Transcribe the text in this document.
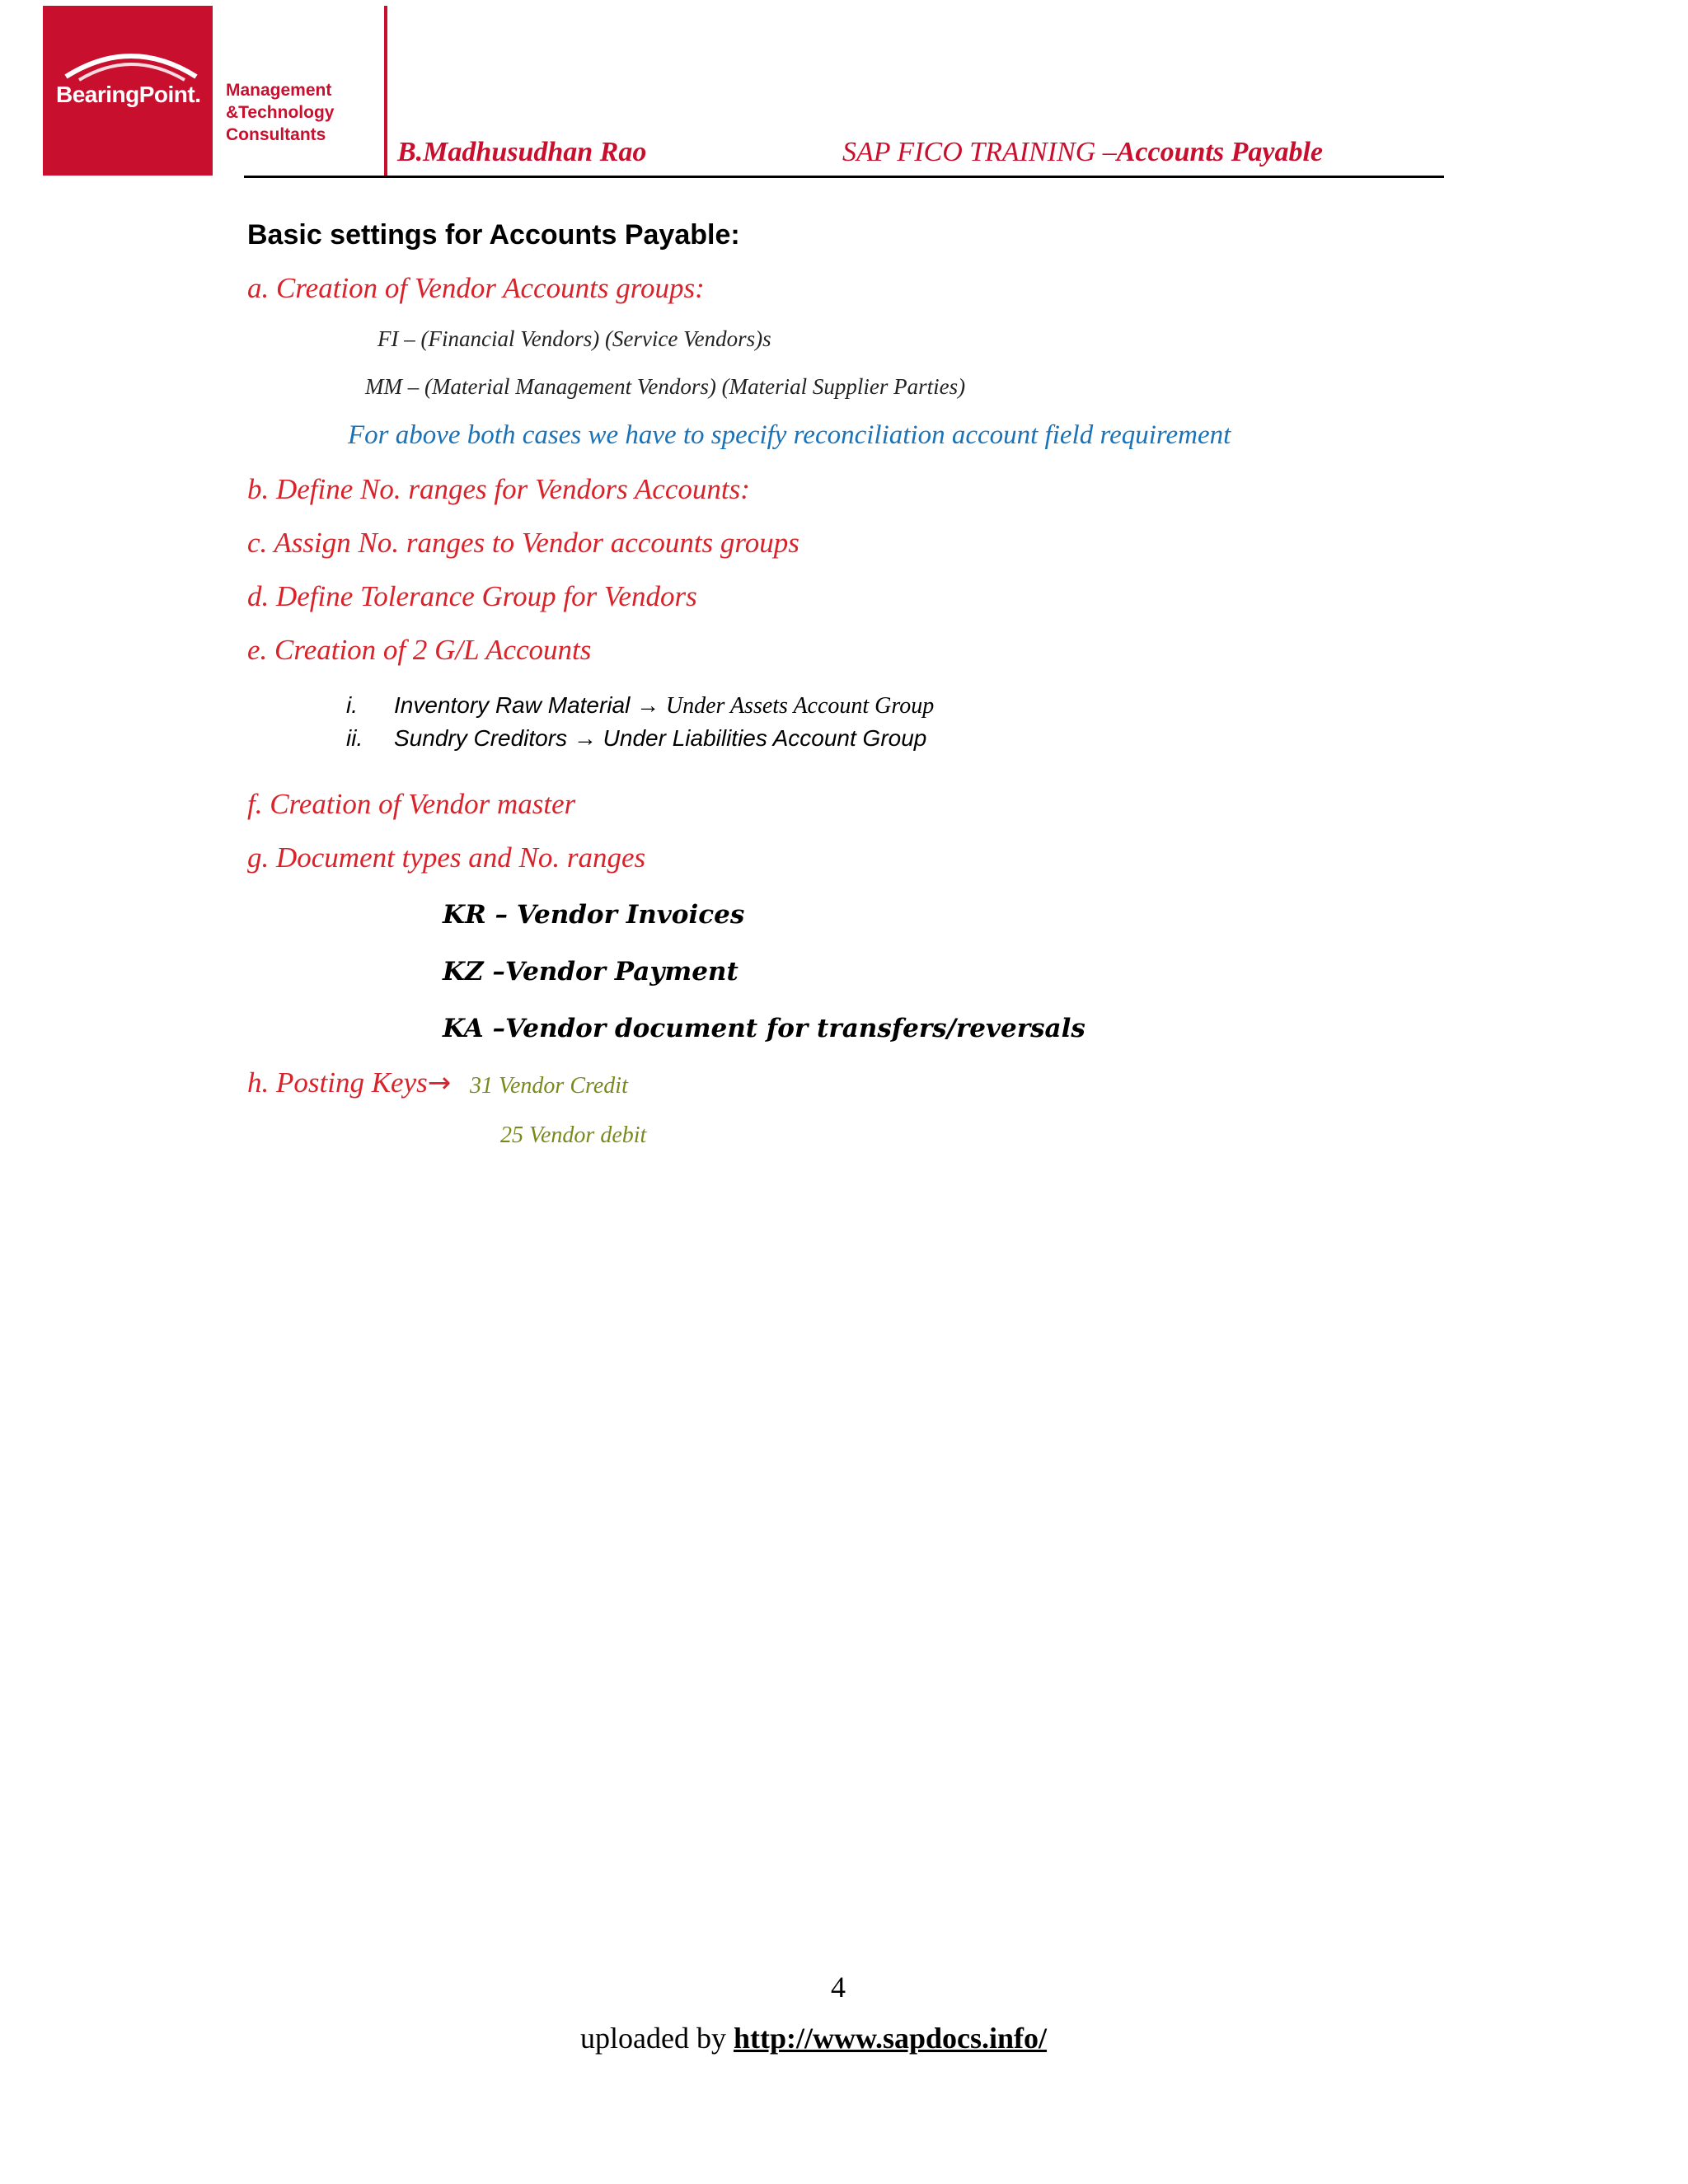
BearingPoint. Management
&Technology
Consultants
B.Madhusudhan Rao	SAP FICO TRAINING –Accounts Payable
Basic settings for Accounts Payable:
a. Creation of Vendor Accounts groups:
FI – (Financial Vendors) (Service Vendors)s
MM – (Material Management Vendors) (Material Supplier Parties)
For above both cases we have to specify reconciliation account field requirement
b. Define No. ranges for Vendors Accounts:
c. Assign No. ranges to Vendor accounts groups
d. Define Tolerance Group for Vendors
e. Creation of 2 G/L Accounts
i. Inventory Raw Material → Under Assets Account Group
ii. Sundry Creditors → Under Liabilities Account Group
f. Creation of Vendor master
g. Document types and No. ranges
KR – Vendor Invoices
KZ –Vendor Payment
KA –Vendor document for transfers/reversals
h. Posting Keys→ 31 Vendor Credit
25 Vendor debit
4
uploaded by http://www.sapdocs.info/
